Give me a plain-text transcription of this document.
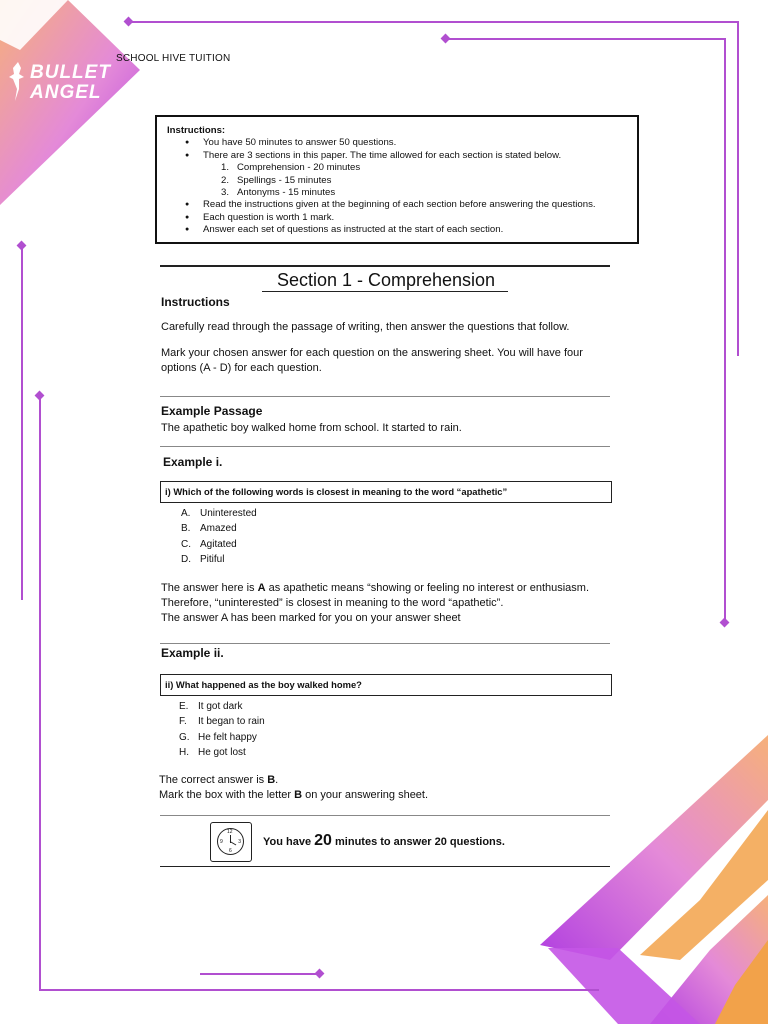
SCHOOL HIVE TUITION
BULLET
ANGEL
Instructions:
● You have 50 minutes to answer 50 questions.
● There are 3 sections in this paper. The time allowed for each section is stated below.
1. Comprehension - 20 minutes
2. Spellings - 15 minutes
3. Antonyms - 15 minutes
● Read the instructions given at the beginning of each section before answering the questions.
● Each question is worth 1 mark.
● Answer each set of questions as instructed at the start of each section.
Section 1 - Comprehension
Instructions
Carefully read through the passage of writing, then answer the questions that follow.
Mark your chosen answer for each question on the answering sheet. You will have four options (A - D) for each question.
Example Passage
The apathetic boy walked home from school. It started to rain.
Example i.
i) Which of the following words is closest in meaning to the word “apathetic”
A. Uninterested
B. Amazed
C. Agitated
D. Pitiful
The answer here is A as apathetic means “showing or feeling no interest or enthusiasm.
Therefore, “uninterested” is closest in meaning to the word “apathetic”.
The answer A has been marked for you on your answer sheet
Example ii.
ii) What happened as the boy walked home?
E. It got dark
F. It began to rain
G. He felt happy
H. He got lost
The correct answer is B.
Mark the box with the letter B on your answering sheet.
12
3
6
9	You have 20 minutes to answer 20 questions.
